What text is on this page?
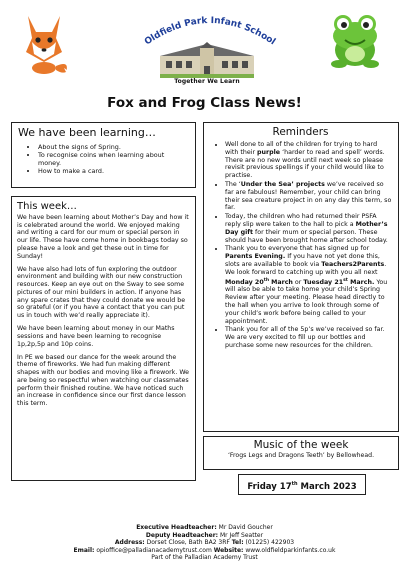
Oldfield Park Infant School
Together We Learn
Fox and Frog Class News!
We have been learning…
• About the signs of Spring.
• To recognise coins when learning about money.
• How to make a card.
This week…

We have been learning about Mother’s Day and how it is celebrated around the world. We enjoyed making and writing a card for our mum or special person in our life. These have come home in bookbags today so please have a look and get these out in time for Sunday!

We have also had lots of fun exploring the outdoor environment and building with our new construction resources. Keep an eye out on the Sway to see some pictures of our mini builders in action. If anyone has any spare crates that they could donate we would be so grateful (or if you have a contact that you can put us in touch with we’d really appreciate it).

We have been learning about money in our Maths sessions and have been learning to recognise 1p,2p,5p and 10p coins.

In PE we based our dance for the week around the theme of fireworks. We had fun making different shapes with our bodies and moving like a firework. We are being so respectful when watching our classmates perform their finished routine. We have noticed such an increase in confidence since our first dance lesson this term.

Reminders
• Well done to all of the children for trying to hard with their purple ‘harder to read and spell’ words. There are no new words until next week so please revisit previous spellings if your child would like to practise.
• The ‘Under the Sea’ projects we’ve received so far are fabulous! Remember, your child can bring their sea creature project in on any day this term, so far.
• Today, the children who had returned their PSFA reply slip were taken to the hall to pick a Mother’s Day gift for their mum or special person. These should have been brought home after school today.
• Thank you to everyone that has signed up for Parents Evening. If you have not yet done this, slots are available to book via Teachers2Parents. We look forward to catching up with you all next Monday 20th March or Tuesday 21st March. You will also be able to take home your child’s Spring Review after your meeting. Please head directly to the hall when you arrive to look through some of your child’s work before being called to your appointment.
• Thank you for all of the 5p’s we’ve received so far. We are very excited to fill up our bottles and purchase some new resources for the children.
Music of the week
‘Frogs Legs and Dragons Teeth’ by Bellowhead.
Friday 17th March 2023
Executive Headteacher: Mr David Goucher
Deputy Headteacher: Mr Jeff Seatter
Address: Dorset Close, Bath BA2 3RF Tel: (01225) 422903
Email: opioffice@palladianacademytrust.com Website: www.oldfieldparkinfants.co.uk
Part of the Palladian Academy Trust
